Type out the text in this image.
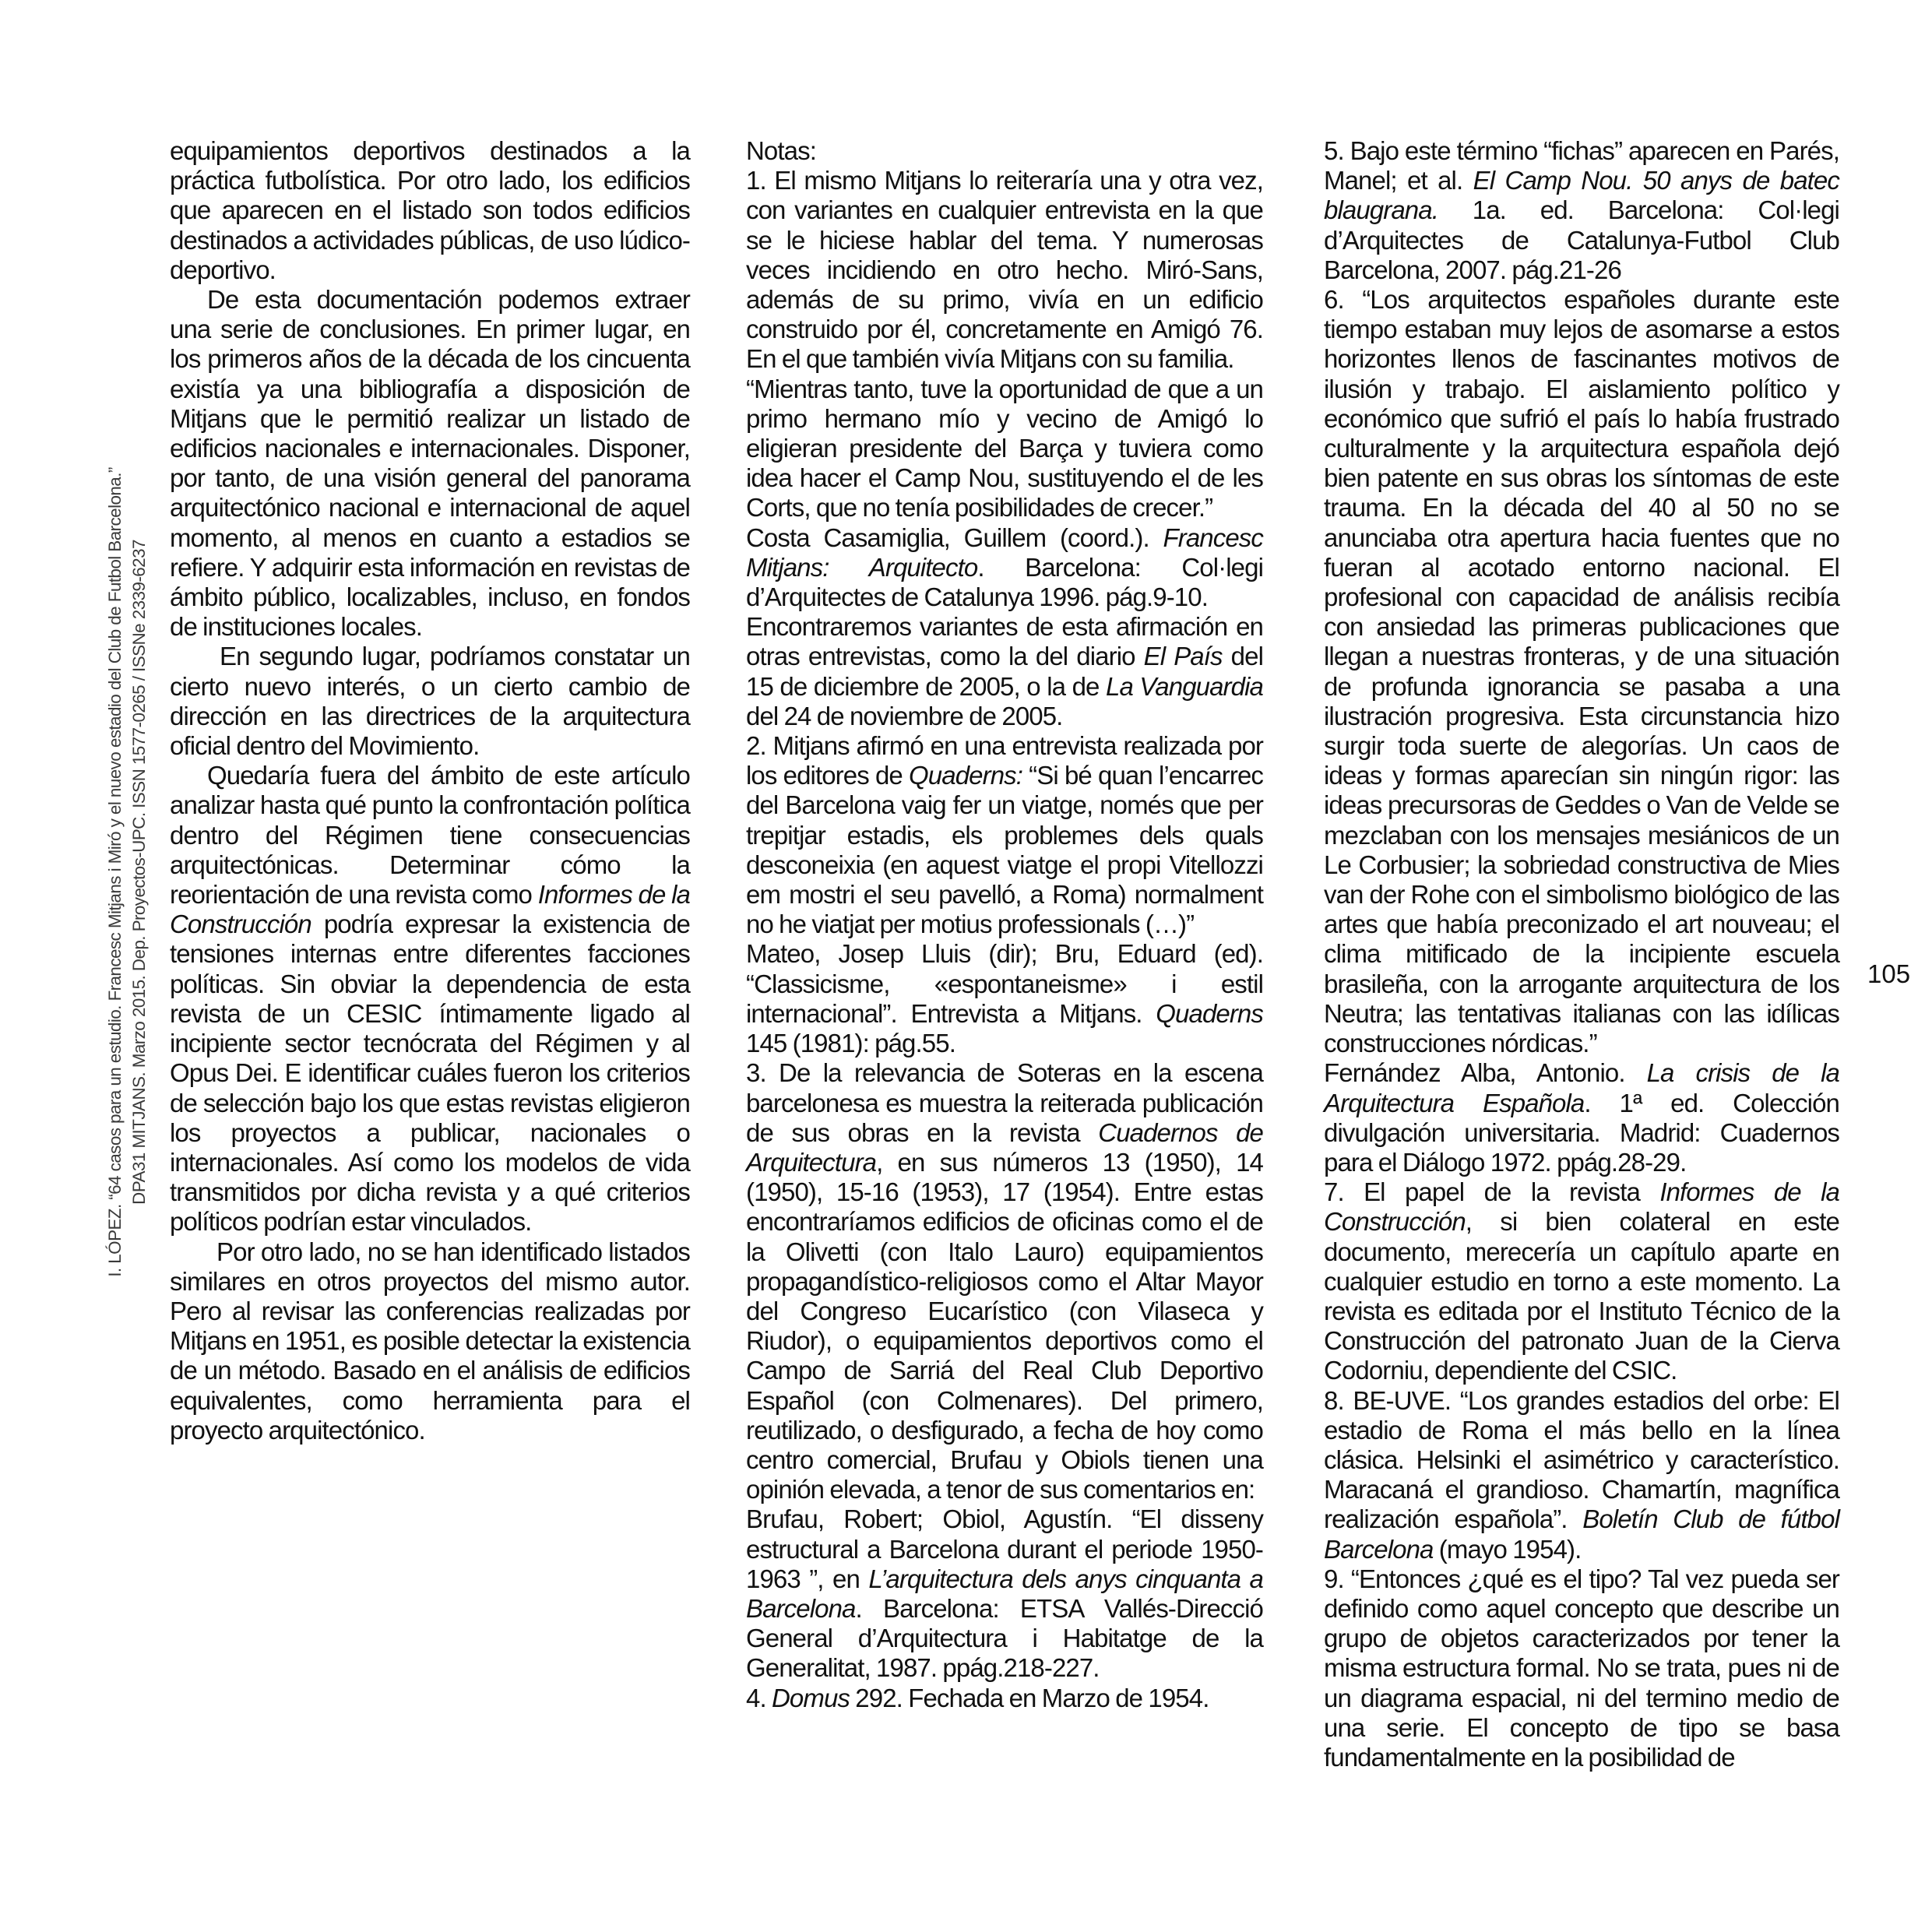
I. LÓPEZ. “64 casos para un estudio. Francesc Mitjans i Miró y el nuevo estadio del Club de Futbol Barcelona.” DPA31 MITJANS. Marzo 2015. Dep. Proyectos-UPC. ISSN 1577-0265 / ISSNe 2339-6237

equipamientos deportivos destinados a la práctica futbolística. Por otro lado, los edificios que aparecen en el listado son todos edificios destinados a actividades públicas, de uso lúdico-deportivo.

De esta documentación podemos extraer una serie de conclusiones. En primer lugar, en los primeros años de la década de los cincuenta existía ya una bibliografía a disposición de Mitjans que le permitió realizar un listado de edificios nacionales e internacionales. Disponer, por tanto, de una visión general del panorama arquitectónico nacional e internacional de aquel momento, al menos en cuanto a estadios se refiere. Y adquirir esta información en revistas de ámbito público, localizables, incluso, en fondos de instituciones locales.

En segundo lugar, podríamos constatar un cierto nuevo interés, o un cierto cambio de dirección en las directrices de la arquitectura oficial dentro del Movimiento.

Quedaría fuera del ámbito de este artículo analizar hasta qué punto la confrontación política dentro del Régimen tiene consecuencias arquitectónicas. Determinar cómo la reorientación de una revista como Informes de la Construcción podría expresar la existencia de tensiones internas entre diferentes facciones políticas. Sin obviar la dependencia de esta revista de un CESIC íntimamente ligado al incipiente sector tecnócrata del Régimen y al Opus Dei. E identificar cuáles fueron los criterios de selección bajo los que estas revistas eligieron los proyectos a publicar, nacionales o internacionales. Así como los modelos de vida transmitidos por dicha revista y a qué criterios políticos podrían estar vinculados.

Por otro lado, no se han identificado listados similares en otros proyectos del mismo autor. Pero al revisar las conferencias realizadas por Mitjans en 1951, es posible detectar la existencia de un método. Basado en el análisis de edificios equivalentes, como herramienta para el proyecto arquitectónico.

Notas:

1. El mismo Mitjans lo reiteraría una y otra vez, con variantes en cualquier entrevista en la que se le hiciese hablar del tema. Y numerosas veces incidiendo en otro hecho. Miró-Sans, además de su primo, vivía en un edificio construido por él, concretamente en Amigó 76. En el que también vivía Mitjans con su familia.

“Mientras tanto, tuve la oportunidad de que a un primo hermano mío y vecino de Amigó lo eligieran presidente del Barça y tuviera como idea hacer el Camp Nou, sustituyendo el de les Corts, que no tenía posibilidades de crecer.”

Costa Casamiglia, Guillem (coord.). Francesc Mitjans: Arquitecto. Barcelona: Col·legi d’Arquitectes de Catalunya 1996. pág.9-10.

Encontraremos variantes de esta afirmación en otras entrevistas, como la del diario El País del 15 de diciembre de 2005, o la de La Vanguardia del 24 de noviembre de 2005.

2. Mitjans afirmó en una entrevista realizada por los editores de Quaderns: “Si bé quan l’encarrec del Barcelona vaig fer un viatge, només que per trepitjar estadis, els problemes dels quals desconeixia (en aquest viatge el propi Vitellozzi em mostri el seu pavelló, a Roma) normalment no he viatjat per motius professionals (…)”

Mateo, Josep Lluis (dir); Bru, Eduard (ed). “Classicisme, «espontaneisme» i estil internacional”. Entrevista a Mitjans. Quaderns 145 (1981): pág.55.

3. De la relevancia de Soteras en la escena barcelonesa es muestra la reiterada publicación de sus obras en la revista Cuadernos de Arquitectura, en sus números 13 (1950), 14 (1950), 15-16 (1953), 17 (1954). Entre estas encontraríamos edificios de oficinas como el de la Olivetti (con Italo Lauro) equipamientos propagandístico-religiosos como el Altar Mayor del Congreso Eucarístico (con Vilaseca y Riudor), o equipamientos deportivos como el Campo de Sarriá del Real Club Deportivo Español (con Colmenares). Del primero, reutilizado, o desfigurado, a fecha de hoy como centro comercial, Brufau y Obiols tienen una opinión elevada, a tenor de sus comentarios en:

Brufau, Robert; Obiol, Agustín. “El disseny estructural a Barcelona durant el periode 1950-1963 ”, en L’arquitectura dels anys cinquanta a Barcelona. Barcelona: ETSA Vallés-Direcció General d’Arquitectura i Habitatge de la Generalitat, 1987. ppág.218-227.

4. Domus 292. Fechada en Marzo de 1954.

5. Bajo este término “fichas” aparecen en Parés, Manel; et al. El Camp Nou. 50 anys de batec blaugrana. 1a. ed. Barcelona: Col·legi d’Arquitectes de Catalunya-Futbol Club Barcelona, 2007. pág.21-26

6. “Los arquitectos españoles durante este tiempo estaban muy lejos de asomarse a estos horizontes llenos de fascinantes motivos de ilusión y trabajo. El aislamiento político y económico que sufrió el país lo había frustrado culturalmente y la arquitectura española dejó bien patente en sus obras los síntomas de este trauma. En la década del 40 al 50 no se anunciaba otra apertura hacia fuentes que no fueran al acotado entorno nacional. El profesional con capacidad de análisis recibía con ansiedad las primeras publicaciones que llegan a nuestras fronteras, y de una situación de profunda ignorancia se pasaba a una ilustración progresiva. Esta circunstancia hizo surgir toda suerte de alegorías. Un caos de ideas y formas aparecían sin ningún rigor: las ideas precursoras de Geddes o Van de Velde se mezclaban con los mensajes mesiánicos de un Le Corbusier; la sobriedad constructiva de Mies van der Rohe con el simbolismo biológico de las artes que había preconizado el art nouveau; el clima mitificado de la incipiente escuela brasileña, con la arrogante arquitectura de los Neutra; las tentativas italianas con las idílicas construcciones nórdicas.”

Fernández Alba, Antonio. La crisis de la Arquitectura Española. 1ª ed. Colección divulgación universitaria. Madrid: Cuadernos para el Diálogo 1972. ppág.28-29.

7. El papel de la revista Informes de la Construcción, si bien colateral en este documento, merecería un capítulo aparte en cualquier estudio en torno a este momento. La revista es editada por el Instituto Técnico de la Construcción del patronato Juan de la Cierva Codorniu, dependiente del CSIC.

8. BE-UVE. “Los grandes estadios del orbe: El estadio de Roma el más bello en la línea clásica. Helsinki el asimétrico y característico. Maracaná el grandioso. Chamartín, magnífica realización española”. Boletín Club de fútbol Barcelona (mayo 1954).

9. “Entonces ¿qué es el tipo? Tal vez pueda ser definido como aquel concepto que describe un grupo de objetos caracterizados por tener la misma estructura formal. No se trata, pues ni de un diagrama espacial, ni del termino medio de una serie. El concepto de tipo se basa fundamentalmente en la posibilidad de

105
